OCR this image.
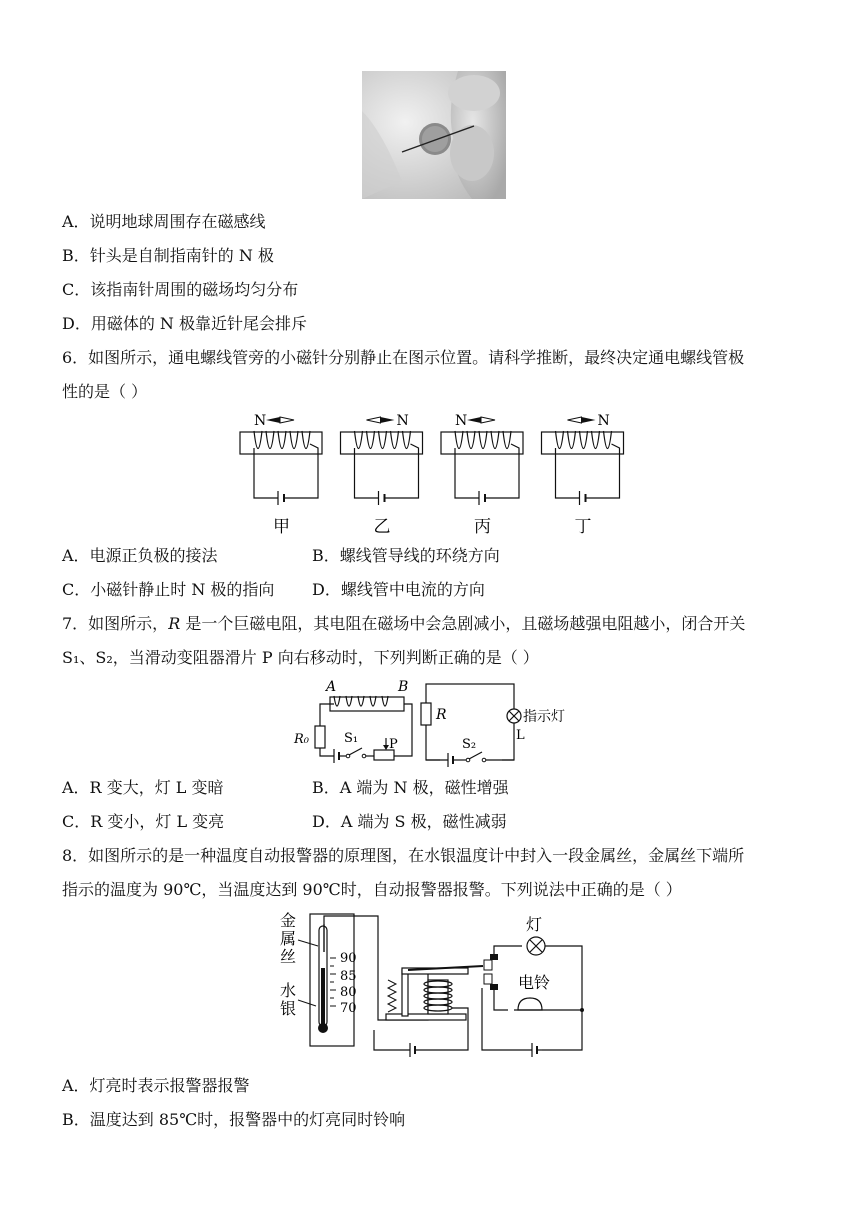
A．说明地球周围存在磁感线
B．针头是自制指南针的 N 极
C．该指南针周围的磁场均匀分布
D．用磁体的 N 极靠近针尾会排斥
6．如图所示，通电螺线管旁的小磁针分别静止在图示位置。请科学推断，最终决定通电螺线管极
性的是（ ）
N
甲
N
乙
N
丙
N
丁
A．电源正负极的接法	B．螺线管导线的环绕方向
C．小磁针静止时 N 极的指向 D．螺线管中电流的方向
7．如图所示，R 是一个巨磁电阻，其电阻在磁场中会急剧减小，且磁场越强电阻越小，闭合开关
S₁、S₂，当滑动变阻器滑片 P 向右移动时，下列判断正确的是（ ）
A	B
R₀	S₁ P
R	指示灯
L
S₂
A．R 变大，灯 L 变暗	B．A 端为 N 极，磁性增强
C．R 变小，灯 L 变亮	D．A 端为 S 极，磁性减弱
8．如图所示的是一种温度自动报警器的原理图，在水银温度计中封入一段金属丝，金属丝下端所
指示的温度为 90℃，当温度达到 90℃时，自动报警器报警。下列说法中正确的是（ ）
金
属
丝
水
银
90
85
80
70
灯
电铃
A．灯亮时表示报警器报警
B．温度达到 85℃时，报警器中的灯亮同时铃响
